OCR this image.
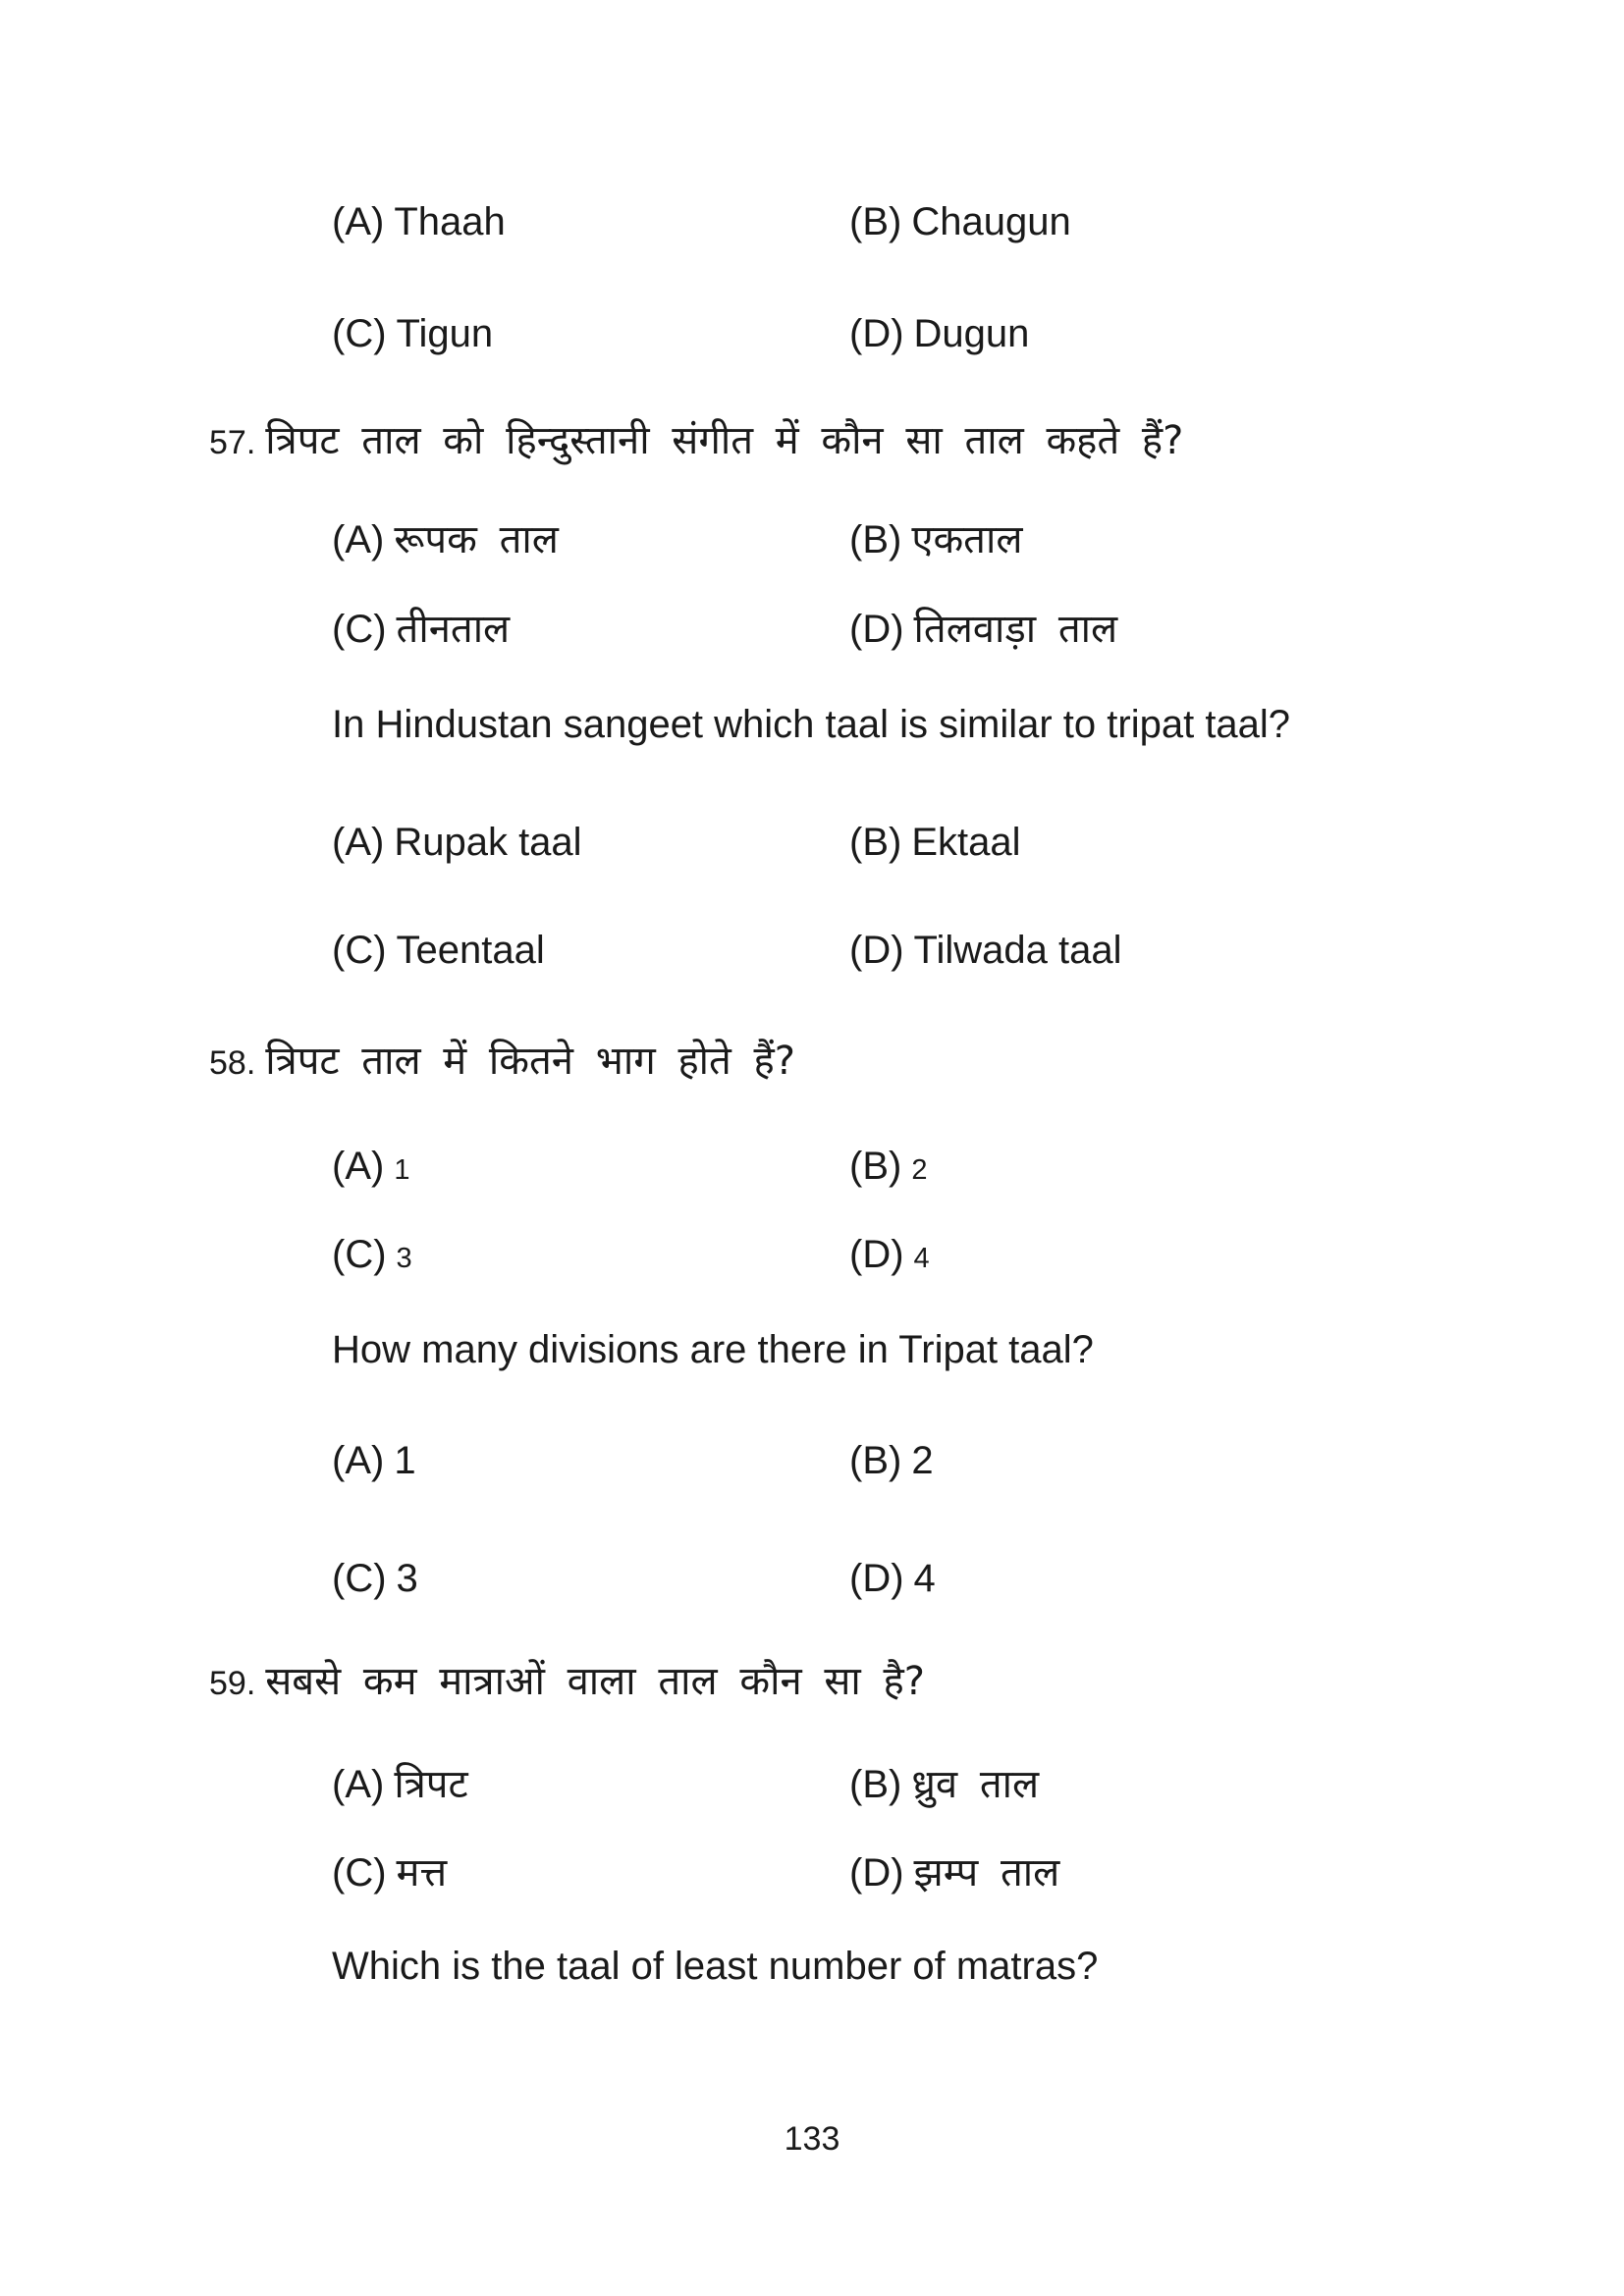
(A) Thaah	(B) Chaugun
(C) Tigun	(D) Dugun
57. त्रिपट ताल को हिन्दुस्तानी संगीत में कौन सा ताल कहते हैं?
(A) रूपक ताल	(B) एकताल
(C) तीनताल	(D) तिलवाड़ा ताल
In Hindustan sangeet which taal is similar to tripat taal?
(A) Rupak taal	(B) Ektaal
(C) Teentaal	(D) Tilwada taal
58. त्रिपट ताल में कितने भाग होते हैं?
(A) 1	(B) 2
(C) 3	(D) 4
How many divisions are there in Tripat taal?
(A) 1	(B) 2
(C) 3	(D) 4
59. सबसे कम मात्राओं वाला ताल कौन सा है?
(A) त्रिपट	(B) ध्रुव ताल
(C) मत्त	(D) झम्प ताल
Which is the taal of least number of matras?
133
